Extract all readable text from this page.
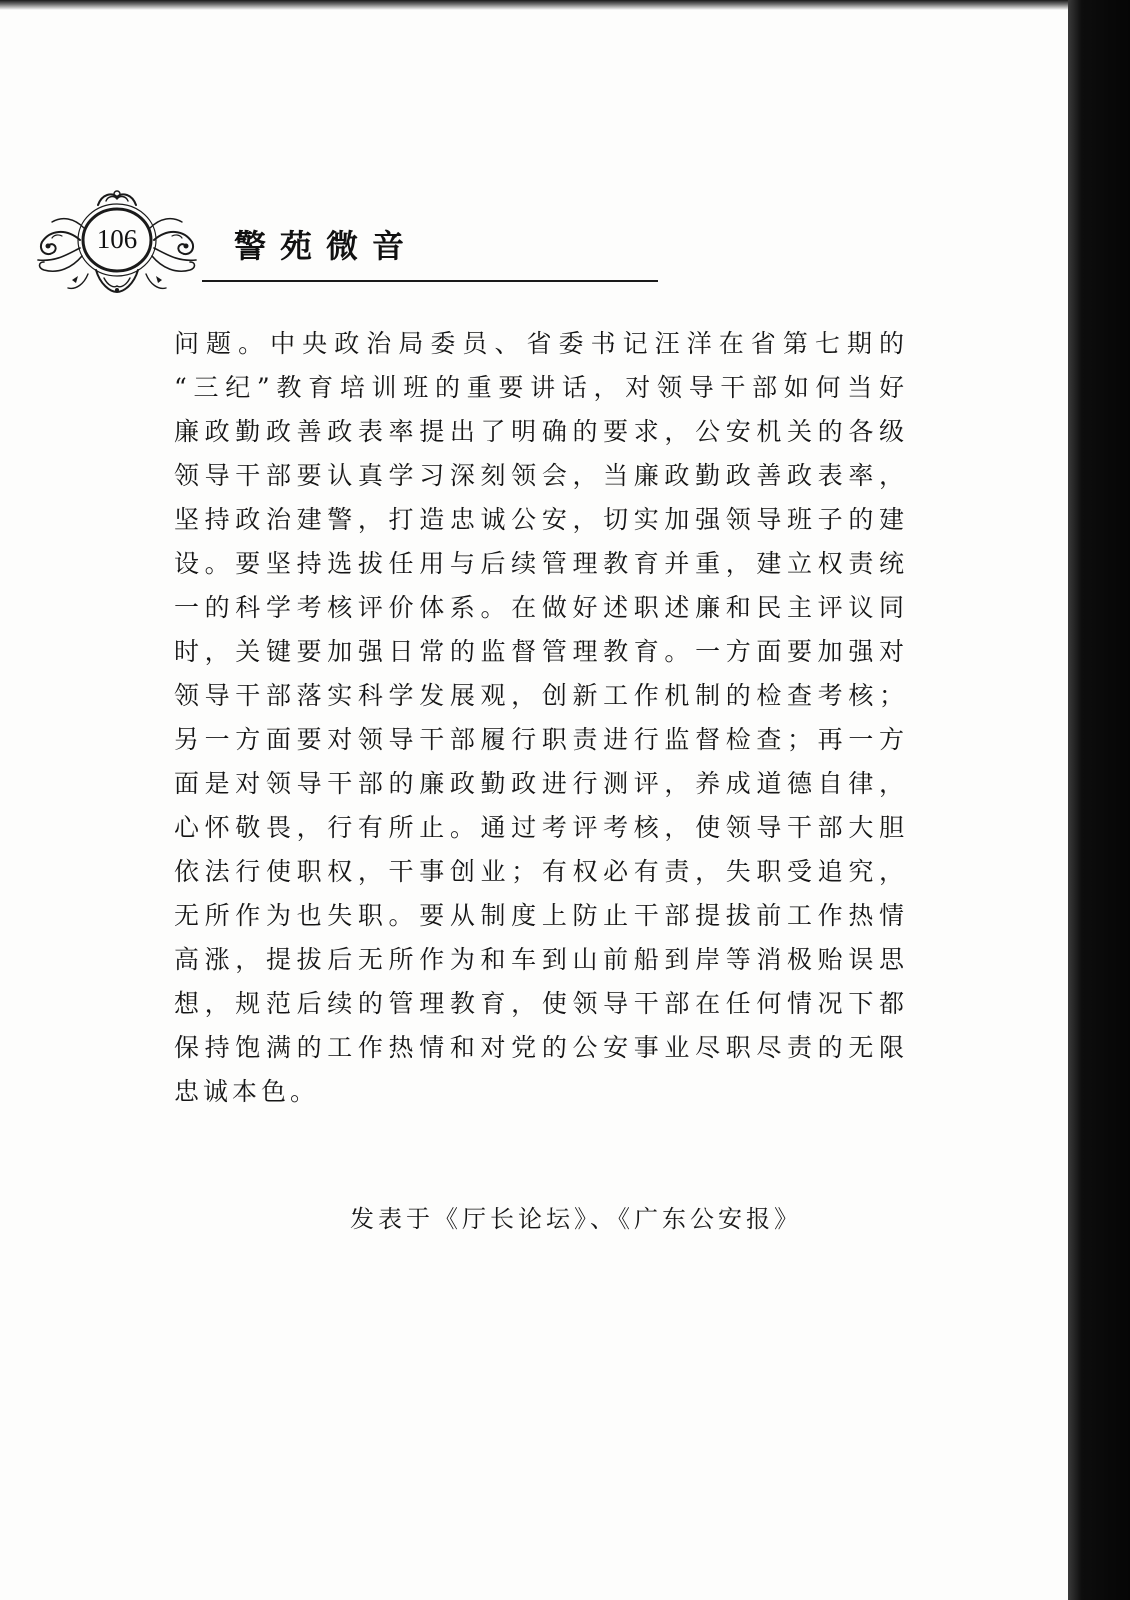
106	警苑微音
问题。中央政治局委员、省委书记汪洋在省第七期的
“三纪”教育培训班的重要讲话，对领导干部如何当好
廉政勤政善政表率提出了明确的要求，公安机关的各级
领导干部要认真学习深刻领会，当廉政勤政善政表率，
坚持政治建警，打造忠诚公安，切实加强领导班子的建
设。要坚持选拔任用与后续管理教育并重，建立权责统
一的科学考核评价体系。在做好述职述廉和民主评议同
时，关键要加强日常的监督管理教育。一方面要加强对
领导干部落实科学发展观，创新工作机制的检查考核；
另一方面要对领导干部履行职责进行监督检查；再一方
面是对领导干部的廉政勤政进行测评，养成道德自律，
心怀敬畏，行有所止。通过考评考核，使领导干部大胆
依法行使职权，干事创业；有权必有责，失职受追究，
无所作为也失职。要从制度上防止干部提拔前工作热情
高涨，提拔后无所作为和车到山前船到岸等消极贻误思
想，规范后续的管理教育，使领导干部在任何情况下都
保持饱满的工作热情和对党的公安事业尽职尽责的无限
忠诚本色。
发表于《厅长论坛》、《广东公安报》
